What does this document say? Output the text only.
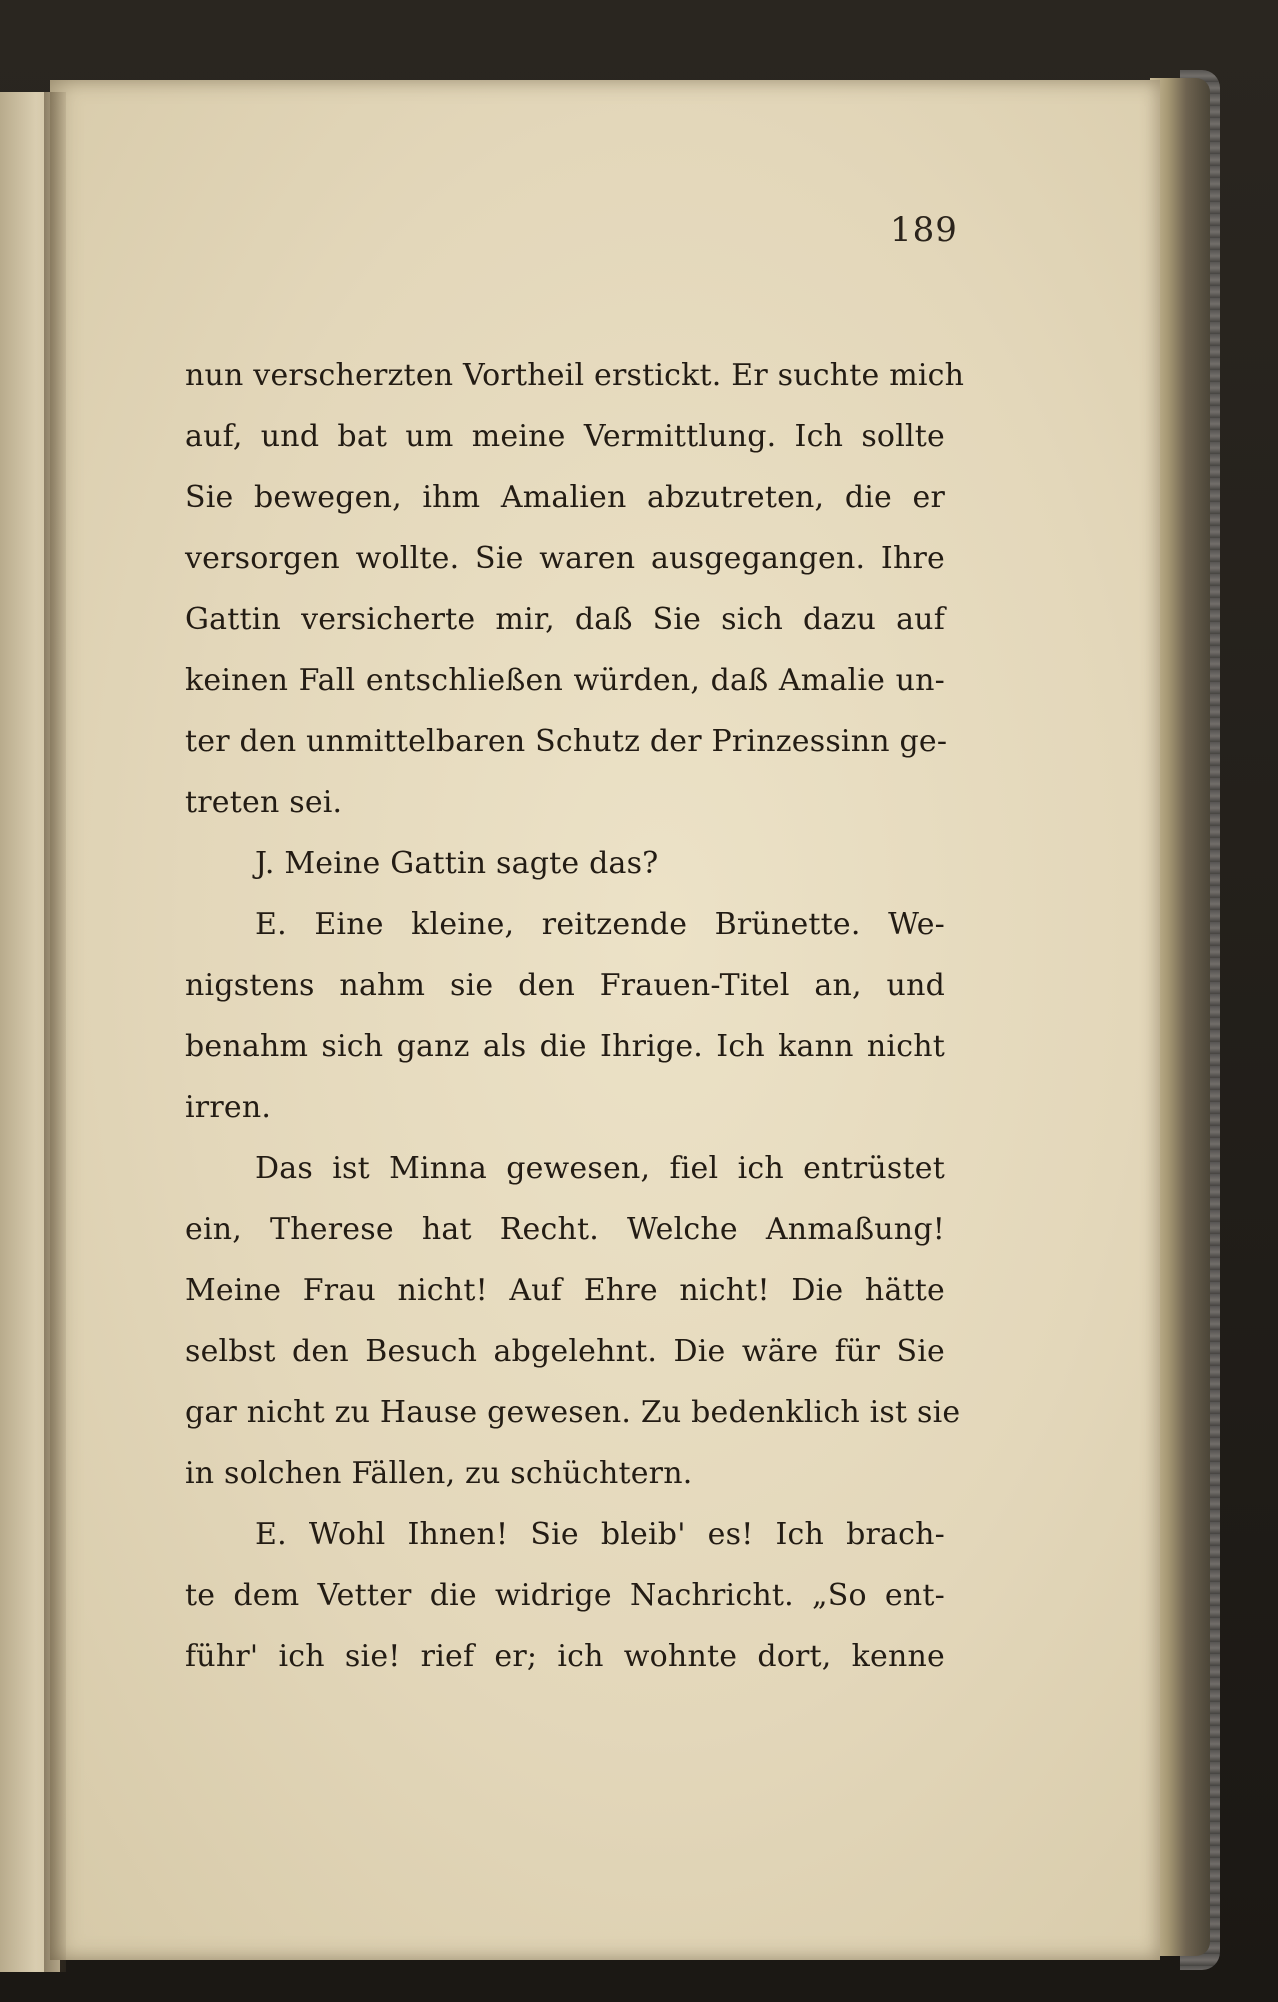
189
nun verscherzten Vortheil erstickt. Er suchte mich
auf, und bat um meine Vermittlung. Ich sollte
Sie bewegen, ihm Amalien abzutreten, die er
versorgen wollte. Sie waren ausgegangen. Ihre
Gattin versicherte mir, daß Sie sich dazu auf
keinen Fall entschließen würden, daß Amalie un-
ter den unmittelbaren Schutz der Prinzessinn ge-
treten sei.
J. Meine Gattin sagte das?
E. Eine kleine, reitzende Brünette. We-
nigstens nahm sie den Frauen-Titel an, und
benahm sich ganz als die Ihrige. Ich kann nicht
irren.
Das ist Minna gewesen, fiel ich entrüstet
ein, Therese hat Recht. Welche Anmaßung!
Meine Frau nicht! Auf Ehre nicht! Die hätte
selbst den Besuch abgelehnt. Die wäre für Sie
gar nicht zu Hause gewesen. Zu bedenklich ist sie
in solchen Fällen, zu schüchtern.
E. Wohl Ihnen! Sie bleib' es! Ich brach-
te dem Vetter die widrige Nachricht. „So ent-
führ' ich sie! rief er; ich wohnte dort, kenne
